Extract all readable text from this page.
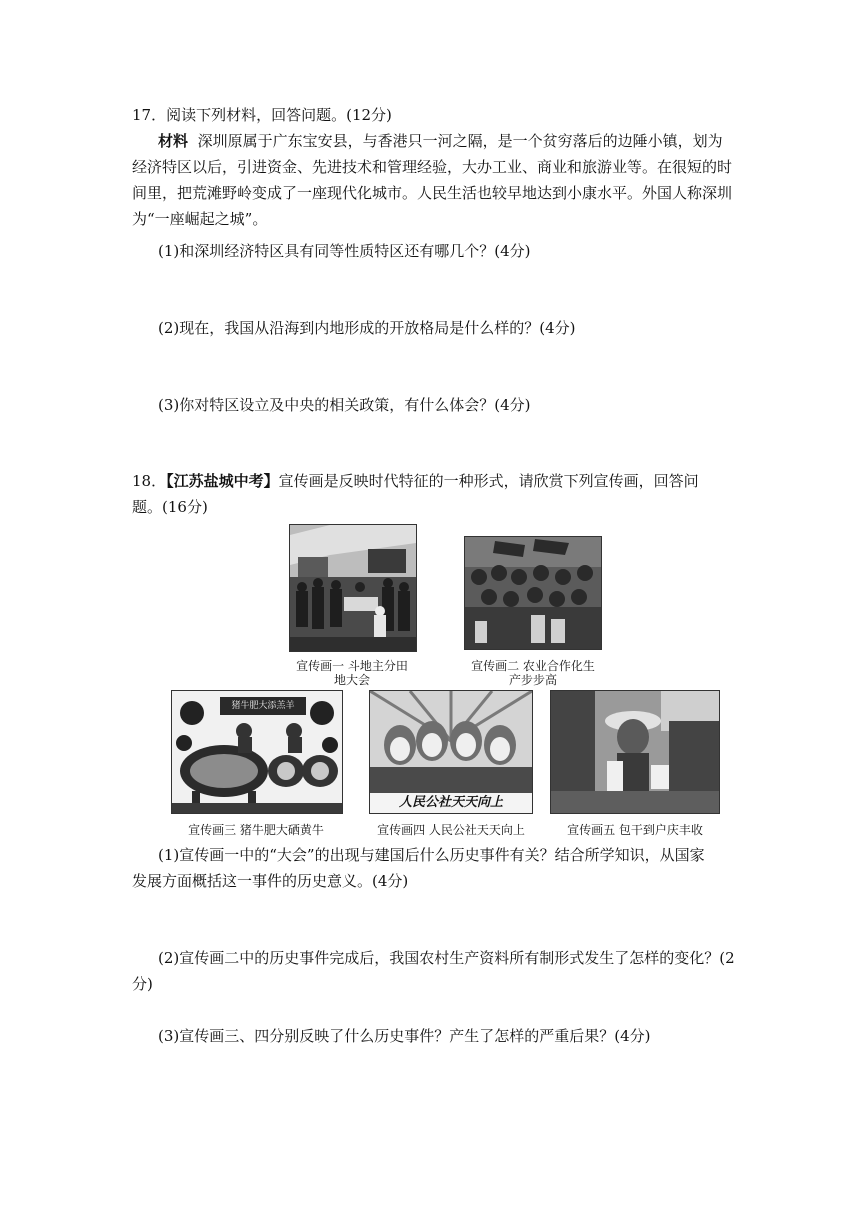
17．阅读下列材料，回答问题。(12分)
材料 深圳原属于广东宝安县，与香港只一河之隔，是一个贫穷落后的边陲小镇，划为
经济特区以后，引进资金、先进技术和管理经验，大办工业、商业和旅游业等。在很短的时
间里，把荒滩野岭变成了一座现代化城市。人民生活也较早地达到小康水平。外国人称深圳
为“一座崛起之城”。
(1)和深圳经济特区具有同等性质特区还有哪几个？(4分)
(2)现在，我国从沿海到内地形成的开放格局是什么样的？(4分)
(3)你对特区设立及中央的相关政策，有什么体会？(4分)
18．【江苏盐城中考】宣传画是反映时代特征的一种形式，请欣赏下列宣传画，回答问
题。(16分)
宣传画一 斗地主分田
地大会
宣传画二 农业合作化生
产步步高
猪牛肥大添羔羊
宣传画三 猪牛肥大硒黄牛
人民公社天天向上
宣传画四 人民公社天天向上	宣传画五 包干到户庆丰收
(1)宣传画一中的“大会”的出现与建国后什么历史事件有关？结合所学知识，从国家
发展方面概括这一事件的历史意义。(4分)
(2)宣传画二中的历史事件完成后，我国农村生产资料所有制形式发生了怎样的变化？(2
分)
(3)宣传画三、四分别反映了什么历史事件？产生了怎样的严重后果？(4分)
